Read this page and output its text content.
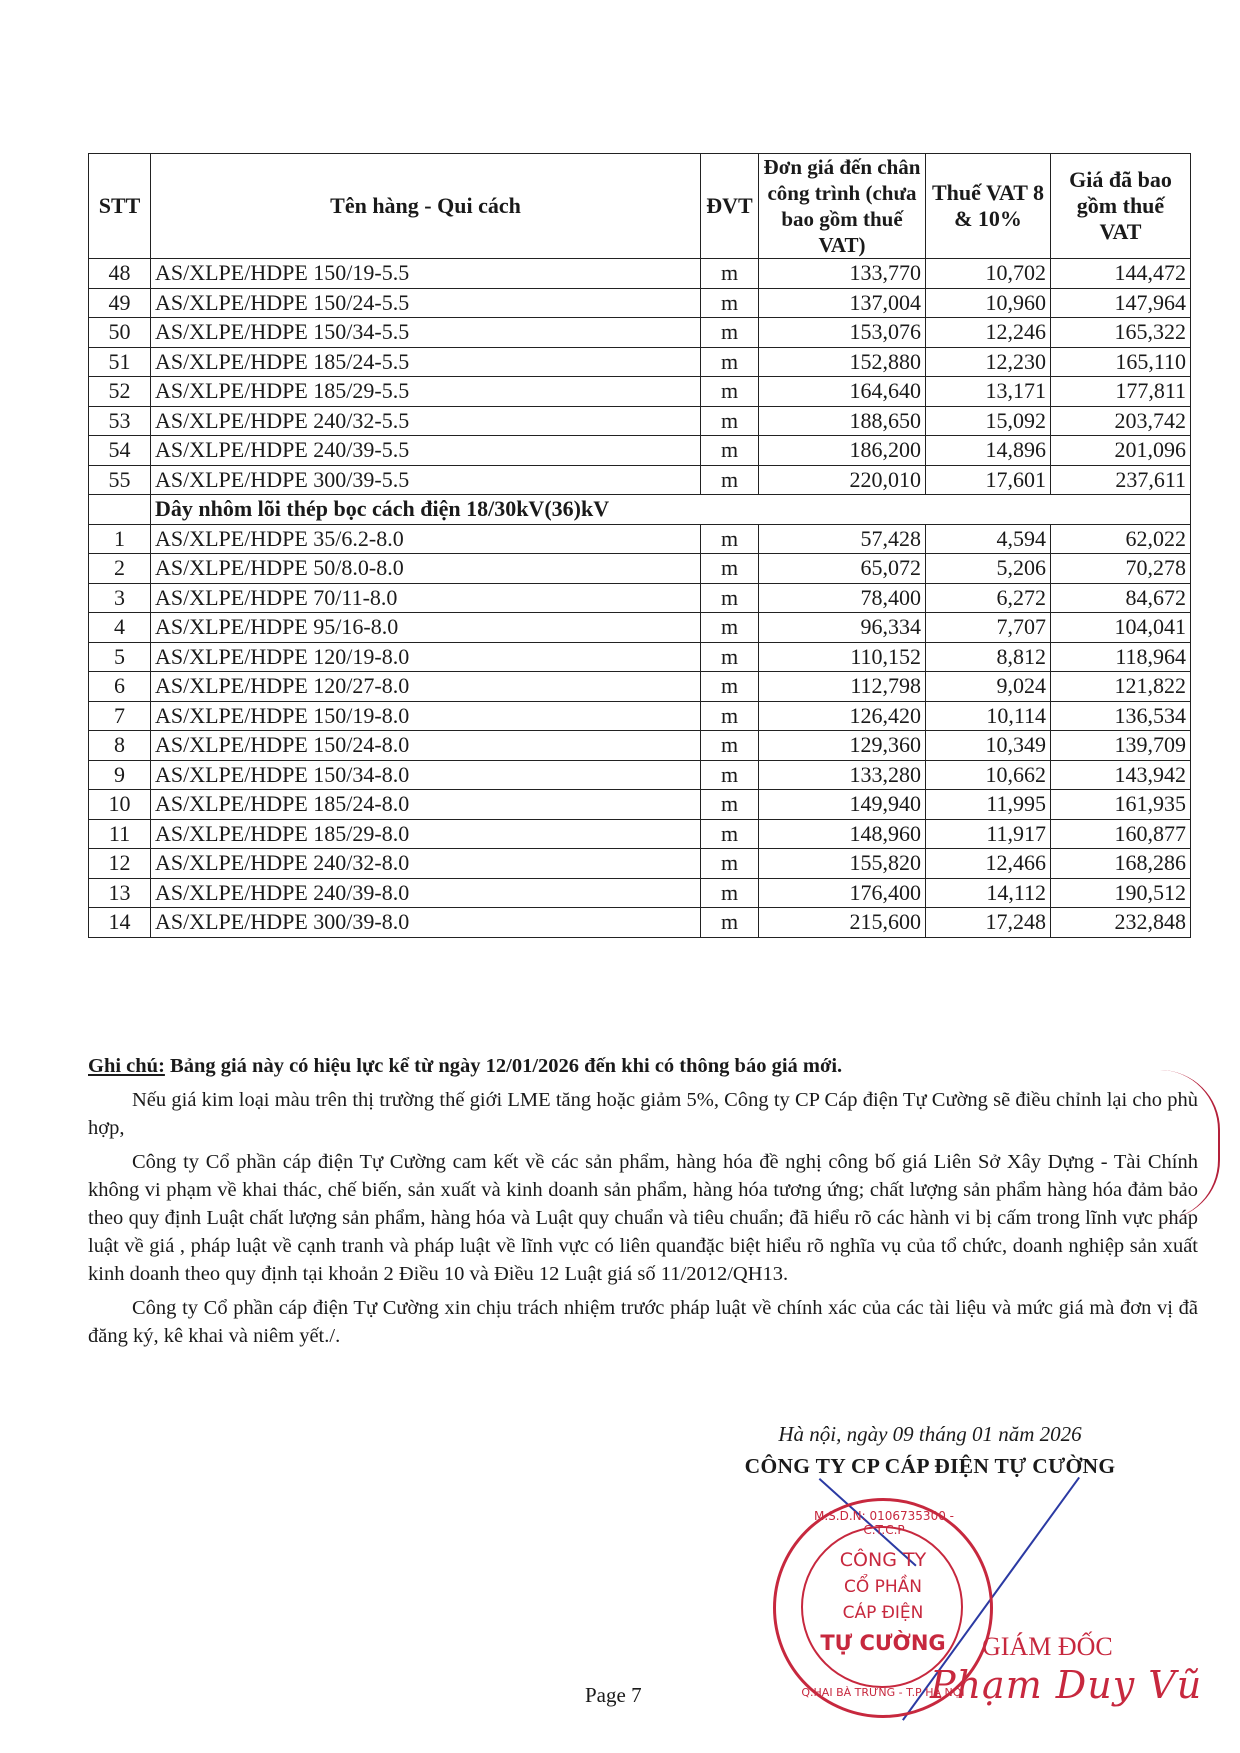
STT	Tên hàng - Qui cách	ĐVT	Đơn giá đến chân công trình (chưa bao gồm thuế VAT)	Thuế VAT 8 & 10%	Giá đã bao gồm thuế VAT
48	AS/XLPE/HDPE 150/19-5.5	m	133,770	10,702	144,472
49	AS/XLPE/HDPE 150/24-5.5	m	137,004	10,960	147,964
50	AS/XLPE/HDPE 150/34-5.5	m	153,076	12,246	165,322
51	AS/XLPE/HDPE 185/24-5.5	m	152,880	12,230	165,110
52	AS/XLPE/HDPE 185/29-5.5	m	164,640	13,171	177,811
53	AS/XLPE/HDPE 240/32-5.5	m	188,650	15,092	203,742
54	AS/XLPE/HDPE 240/39-5.5	m	186,200	14,896	201,096
55	AS/XLPE/HDPE 300/39-5.5	m	220,010	17,601	237,611
	Dây nhôm lõi thép bọc cách điện 18/30kV(36)kV				
1	AS/XLPE/HDPE 35/6.2-8.0	m	57,428	4,594	62,022
2	AS/XLPE/HDPE 50/8.0-8.0	m	65,072	5,206	70,278
3	AS/XLPE/HDPE 70/11-8.0	m	78,400	6,272	84,672
4	AS/XLPE/HDPE 95/16-8.0	m	96,334	7,707	104,041
5	AS/XLPE/HDPE 120/19-8.0	m	110,152	8,812	118,964
6	AS/XLPE/HDPE 120/27-8.0	m	112,798	9,024	121,822
7	AS/XLPE/HDPE 150/19-8.0	m	126,420	10,114	136,534
8	AS/XLPE/HDPE 150/24-8.0	m	129,360	10,349	139,709
9	AS/XLPE/HDPE 150/34-8.0	m	133,280	10,662	143,942
10	AS/XLPE/HDPE 185/24-8.0	m	149,940	11,995	161,935
11	AS/XLPE/HDPE 185/29-8.0	m	148,960	11,917	160,877
12	AS/XLPE/HDPE 240/32-8.0	m	155,820	12,466	168,286
13	AS/XLPE/HDPE 240/39-8.0	m	176,400	14,112	190,512
14	AS/XLPE/HDPE 300/39-8.0	m	215,600	17,248	232,848
Ghi chú: Bảng giá này có hiệu lực kể từ ngày 12/01/2026 đến khi có thông báo giá mới.

Nếu giá kim loại màu trên thị trường thế giới LME tăng hoặc giảm 5%, Công ty CP Cáp điện Tự Cường sẽ điều chỉnh lại cho phù hợp,

Công ty Cổ phần cáp điện Tự Cường cam kết về các sản phẩm, hàng hóa đề nghị công bố giá Liên Sở Xây Dựng - Tài Chính không vi phạm về khai thác, chế biến, sản xuất và kinh doanh sản phẩm, hàng hóa tương ứng; chất lượng sản phẩm hàng hóa đảm bảo theo quy định Luật chất lượng sản phẩm, hàng hóa và Luật quy chuẩn và tiêu chuẩn; đã hiểu rõ các hành vi bị cấm trong lĩnh vực pháp luật về giá , pháp luật về cạnh tranh và pháp luật về lĩnh vực có liên quanđặc biệt hiểu rõ nghĩa vụ của tổ chức, doanh nghiệp sản xuất kinh doanh theo quy định tại khoản 2 Điều 10 và Điều 12 Luật giá số 11/2012/QH13.

Công ty Cổ phần cáp điện Tự Cường xin chịu trách nhiệm trước pháp luật về chính xác của các tài liệu và mức giá mà đơn vị đã đăng ký, kê khai và niêm yết./.

Hà nội, ngày 09 tháng 01 năm 2026
CÔNG TY CP CÁP ĐIỆN TỰ CƯỜNG
M.S.D.N: 0106735300 - C.T.C.P
CÔNG TY
CỔ PHẦN
CÁP ĐIỆN
TỰ CƯỜNG
Q.HAI BÀ TRƯNG - T.P HÀ NỘI
GIÁM ĐỐC
Phạm Duy Vũ
Page 7
